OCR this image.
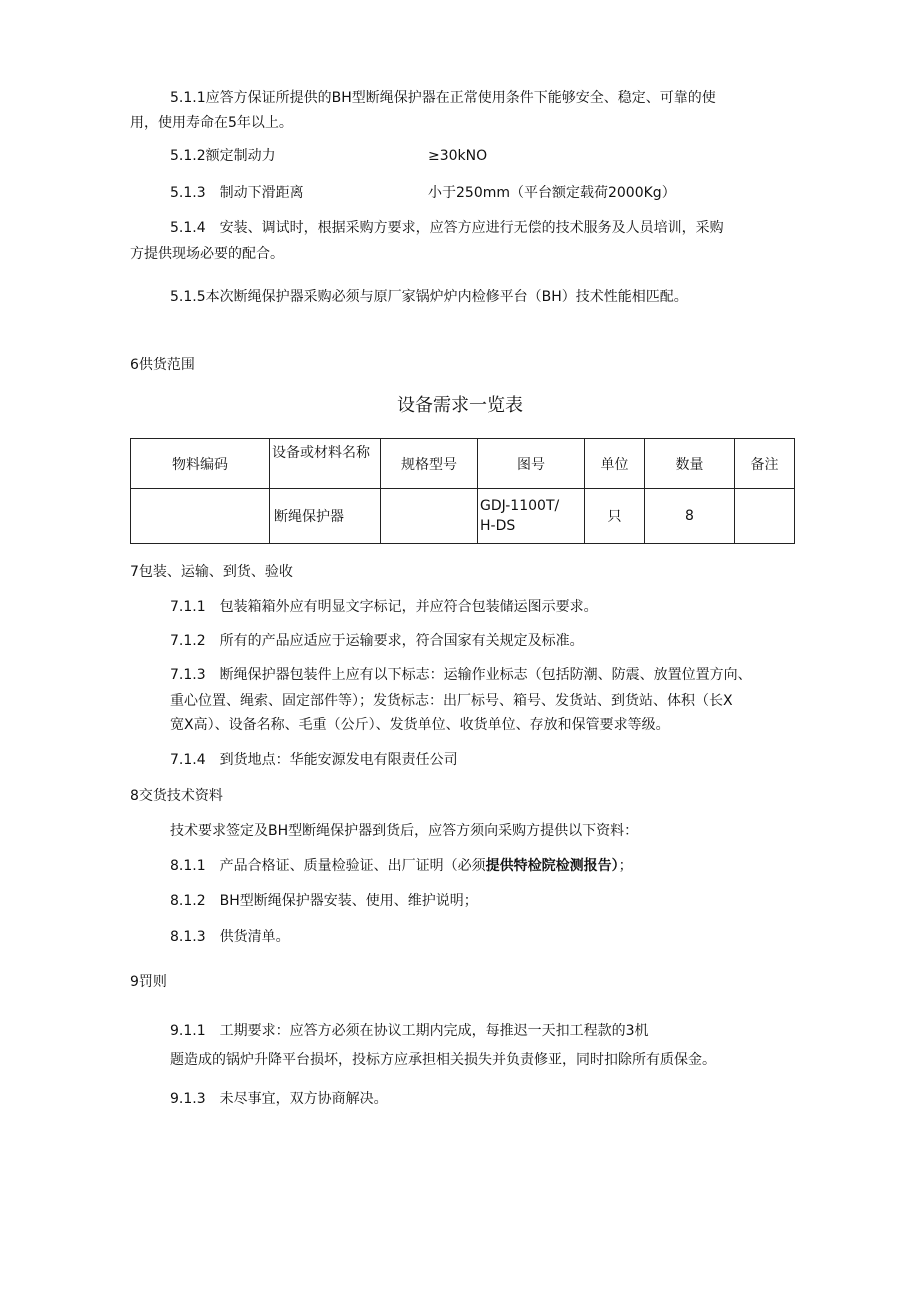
5.1.1应答方保证所提供的BH型断绳保护器在正常使用条件下能够安全、稳定、可靠的使
用，使用寿命在5年以上。
5.1.2额定制动力	≥30kNO
5.1.3　制动下滑距离	小于250mm（平台额定载荷2000Kg）
5.1.4　安装、调试时，根据采购方要求，应答方应进行无偿的技术服务及人员培训，采购
方提供现场必要的配合。
5.1.5本次断绳保护器采购必须与原厂家锅炉炉内检修平台（BH）技术性能相匹配。
6供货范围
设备需求一览表
物料编码	设备或材料名称	规格型号	图号	单位	数量	备注
	断绳保护器		GDJ-1100T/
H-DS	只	8	
7包装、运输、到货、验收
7.1.1　包装箱箱外应有明显文字标记，并应符合包装储运图示要求。
7.1.2　所有的产品应适应于运输要求，符合国家有关规定及标准。
7.1.3　断绳保护器包装件上应有以下标志：运输作业标志（包括防潮、防震、放置位置方向、
重心位置、绳索、固定部件等）；发货标志：出厂标号、箱号、发货站、到货站、体积（长X
宽X高）、设备名称、毛重（公斤）、发货单位、收货单位、存放和保管要求等级。
7.1.4　到货地点：华能安源发电有限责任公司
8交货技术资料
技术要求签定及BH型断绳保护器到货后，应答方须向采购方提供以下资料：
8.1.1　产品合格证、质量检验证、出厂证明（必须提供特检院检测报告）；
8.1.2　BH型断绳保护器安装、使用、维护说明；
8.1.3　供货清单。
9罚则
9.1.1　工期要求：应答方必须在协议工期内完成，每推迟一天扣工程款的3机
题造成的锅炉升降平台损坏，投标方应承担相关损失并负责修亚，同时扣除所有质保金。
9.1.3　未尽事宜，双方协商解决。
